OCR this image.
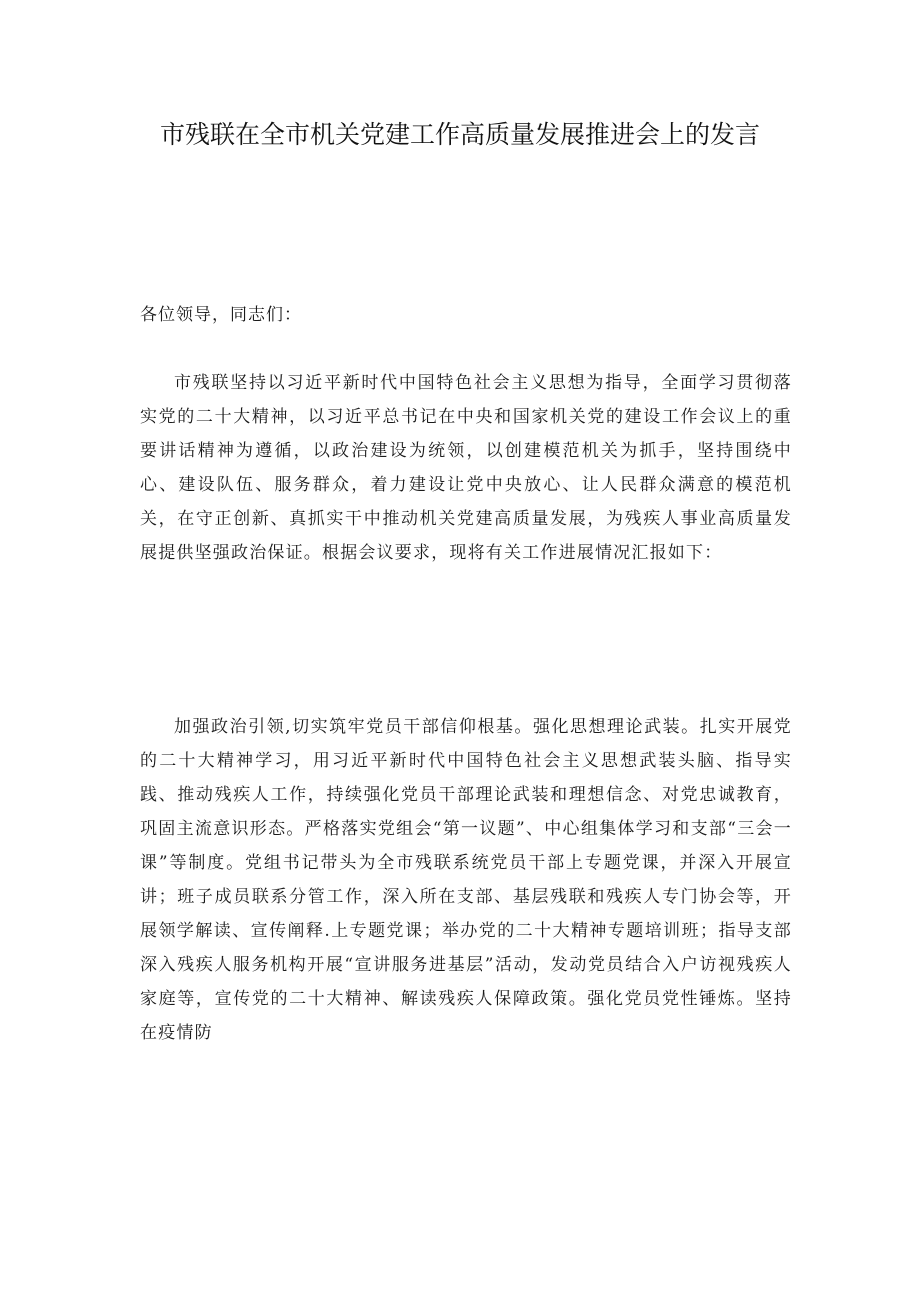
市残联在全市机关党建工作高质量发展推进会上的发言

各位领导，同志们：

市残联坚持以习近平新时代中国特色社会主义思想为指导，全面学习贯彻落实党的二十大精神，以习近平总书记在中央和国家机关党的建设工作会议上的重要讲话精神为遵循，以政治建设为统领，以创建模范机关为抓手，坚持围绕中心、建设队伍、服务群众，着力建设让党中央放心、让人民群众满意的模范机关，在守正创新、真抓实干中推动机关党建高质量发展，为残疾人事业高质量发展提供坚强政治保证。根据会议要求，现将有关工作进展情况汇报如下：

加强政治引领,切实筑牢党员干部信仰根基。强化思想理论武装。扎实开展党的二十大精神学习，用习近平新时代中国特色社会主义思想武装头脑、指导实践、推动残疾人工作，持续强化党员干部理论武装和理想信念、对党忠诚教育，巩固主流意识形态。严格落实党组会“第一议题”、中心组集体学习和支部“三会一课”等制度。党组书记带头为全市残联系统党员干部上专题党课，并深入开展宣讲；班子成员联系分管工作，深入所在支部、基层残联和残疾人专门协会等，开展领学解读、宣传阐释.上专题党课；举办党的二十大精神专题培训班；指导支部深入残疾人服务机构开展“宣讲服务进基层”活动，发动党员结合入户访视残疾人家庭等，宣传党的二十大精神、解读残疾人保障政策。强化党员党性锤炼。坚持在疫情防
